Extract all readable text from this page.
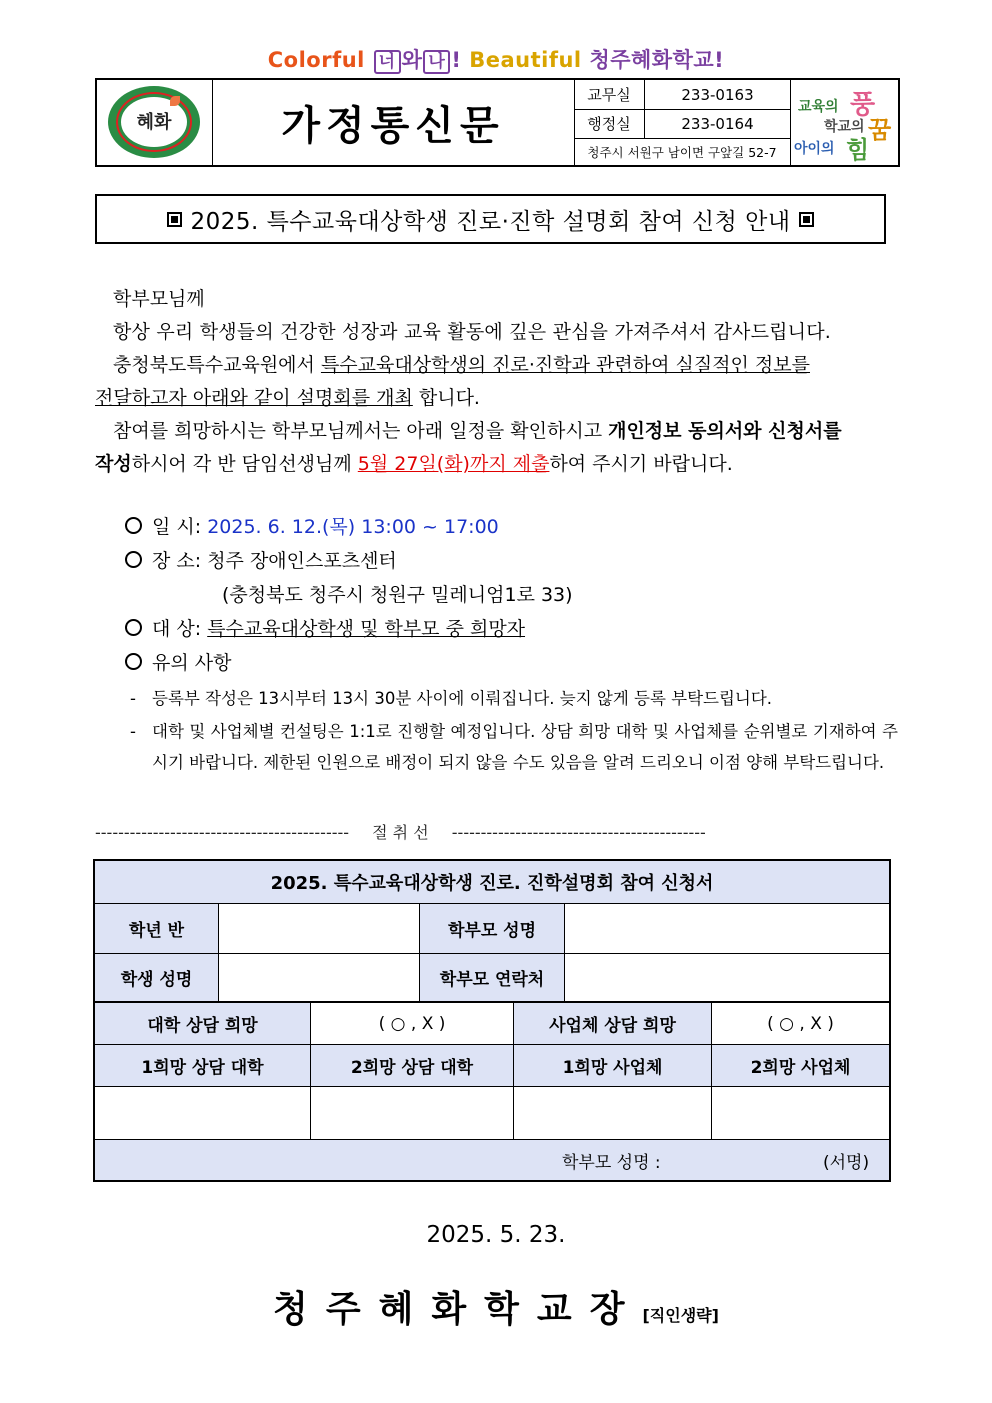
Colorful 너 와 나 ! Beautiful 청주혜화학교!
혜화	가정통신문
교무실	233-0163
행정실	233-0164
청주시 서원구 남이면 구앞길 52-7
교육의 풍
학교의 꿈
아이의 힘
2025. 특수교육대상학생 진로·진학 설명회 참여 신청 안내
학부모님께
항상 우리 학생들의 건강한 성장과 교육 활동에 깊은 관심을 가져주셔서 감사드립니다.
충청북도특수교육원에서 특수교육대상학생의 진로·진학과 관련하여 실질적인 정보를
전달하고자 아래와 같이 설명회를 개최 합니다.
참여를 희망하시는 학부모님께서는 아래 일정을 확인하시고 개인정보 동의서와 신청서를
작성하시어 각 반 담임선생님께 5월 27일(화)까지 제출하여 주시기 바랍니다.
일 시: 2025. 6. 12.(목) 13:00 ~ 17:00
장 소: 청주 장애인스포츠센터
(충청북도 청주시 청원구 밀레니엄1로 33)
대 상: 특수교육대상학생 및 학부모 중 희망자
유의 사항
- 등록부 작성은 13시부터 13시 30분 사이에 이뤄집니다. 늦지 않게 등록 부탁드립니다.
- 대학 및 사업체별 컨설팅은 1:1로 진행할 예정입니다. 상담 희망 대학 및 사업체를 순위별로 기재하여 주시기 바랍니다. 제한된 인원으로 배정이 되지 않을 수도 있음을 알려 드리오니 이점 양해 부탁드립니다.
-------------------------------------------- 절 취 선 --------------------------------------------
2025. 특수교육대상학생 진로. 진학설명회 참여 신청서
학년 반	학부모 성명
학생 성명	학부모 연락처
대학 상담 희망	( ○ , X )	사업체 상담 희망	( ○ , X )
1희망 상담 대학	2희망 상담 대학	1희망 사업체	2희망 사업체
학부모 성명 :	(서명)
2025. 5. 23.
청주혜화학교장[직인생략]
